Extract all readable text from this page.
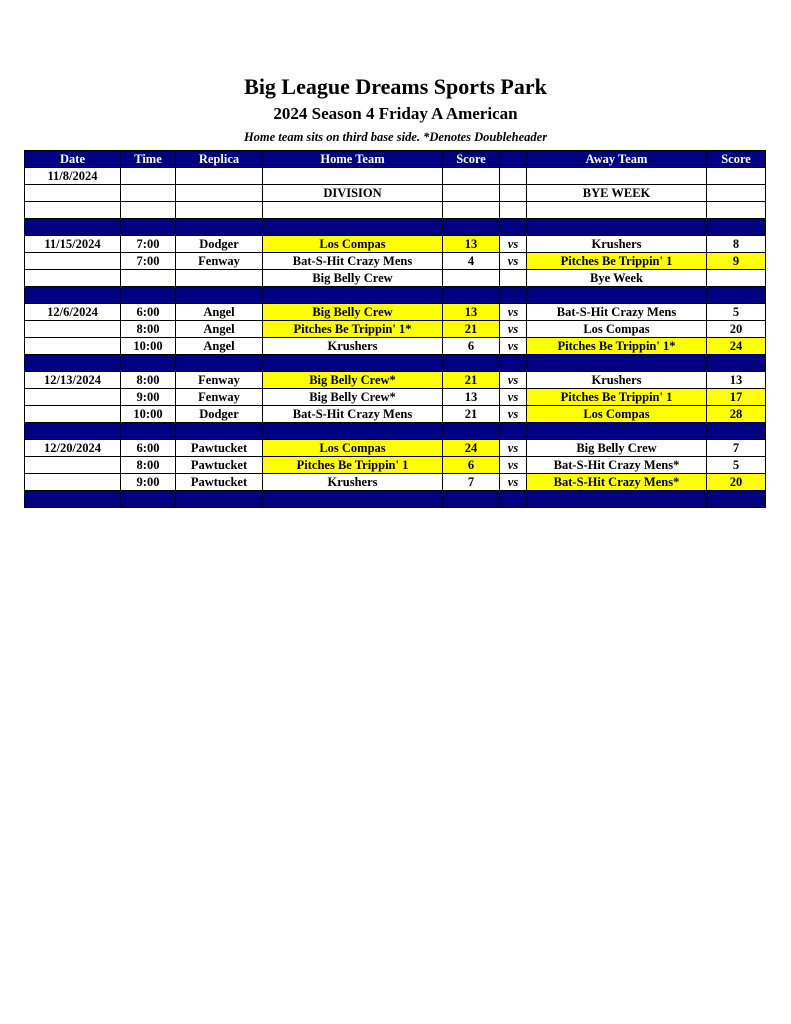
Big League Dreams Sports Park
2024 Season 4 Friday A American
Home team sits on third base side. *Denotes Doubleheader
Date	Time	Replica	Home Team	Score		Away Team	Score
11/8/2024							
			DIVISION			BYE WEEK	

11/15/2024	7:00	Dodger	Los Compas	13	vs	Krushers	8
	7:00	Fenway	Bat-S-Hit Crazy Mens	4	vs	Pitches Be Trippin' 1	9
			Big Belly Crew			Bye Week	

12/6/2024	6:00	Angel	Big Belly Crew	13	vs	Bat-S-Hit Crazy Mens	5
	8:00	Angel	Pitches Be Trippin' 1*	21	vs	Los Compas	20
	10:00	Angel	Krushers	6	vs	Pitches Be Trippin' 1*	24

12/13/2024	8:00	Fenway	Big Belly Crew*	21	vs	Krushers	13
	9:00	Fenway	Big Belly Crew*	13	vs	Pitches Be Trippin' 1	17
	10:00	Dodger	Bat-S-Hit Crazy Mens	21	vs	Los Compas	28

12/20/2024	6:00	Pawtucket	Los Compas	24	vs	Big Belly Crew	7
	8:00	Pawtucket	Pitches Be Trippin' 1	6	vs	Bat-S-Hit Crazy Mens*	5
	9:00	Pawtucket	Krushers	7	vs	Bat-S-Hit Crazy Mens*	20
